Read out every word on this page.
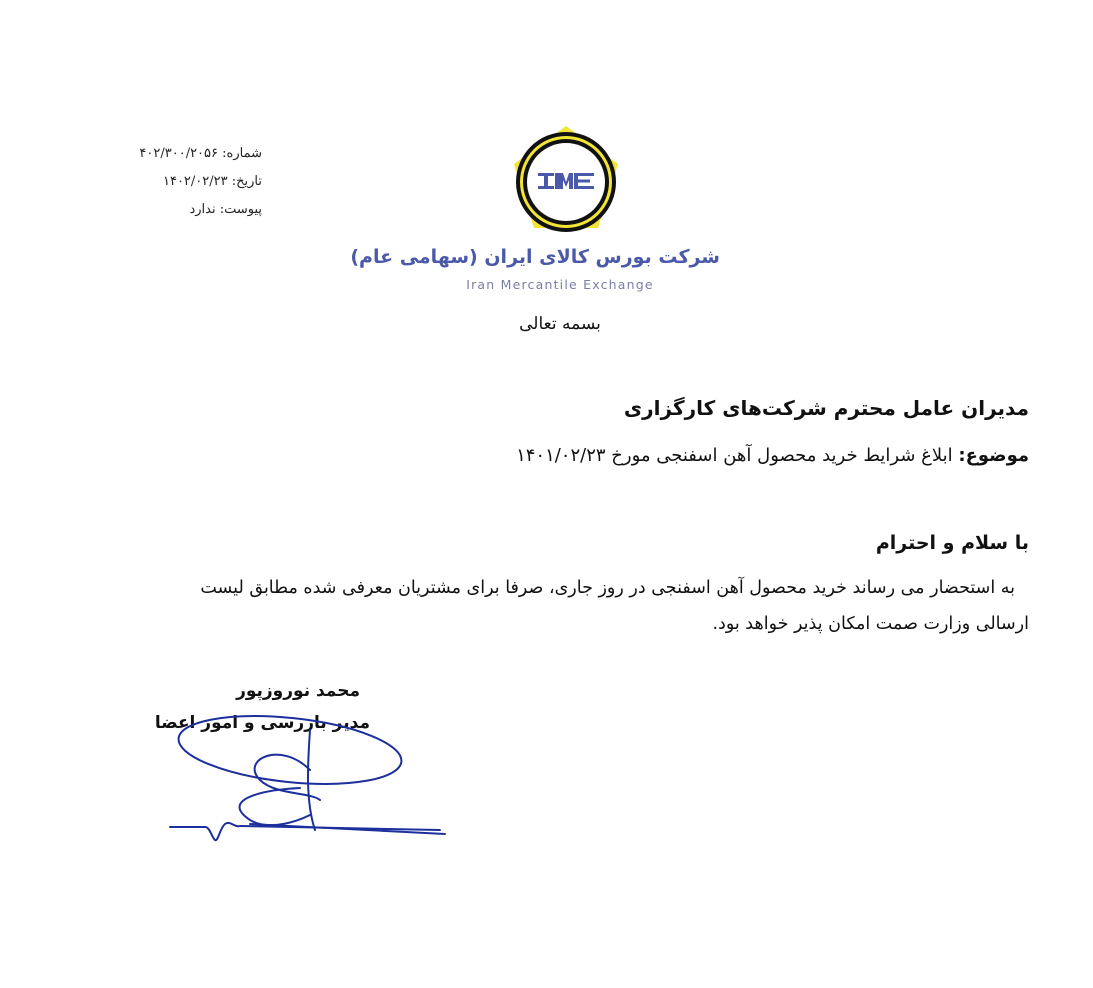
شماره: ۴۰۲/۳۰۰/۲۰۵۶
تاریخ: ۱۴۰۲/۰۲/۲۳
پیوست: ندارد
شرکت بورس کالای ایران (سهامی عام)
Iran Mercantile Exchange
بسمه تعالی
مدیران عامل محترم شرکت‌های کارگزاری
موضوع: ابلاغ شرایط خرید محصول آهن اسفنجی مورخ ۱۴۰۱/۰۲/۲۳
با سلام و احترام

به استحضار می رساند خرید محصول آهن اسفنجی در روز جاری، صرفا برای مشتریان معرفی شده مطابق لیست

ارسالی وزارت صمت امکان پذیر خواهد بود.

محمد نوروزپور
مدیر بازرسی و امور اعضا
